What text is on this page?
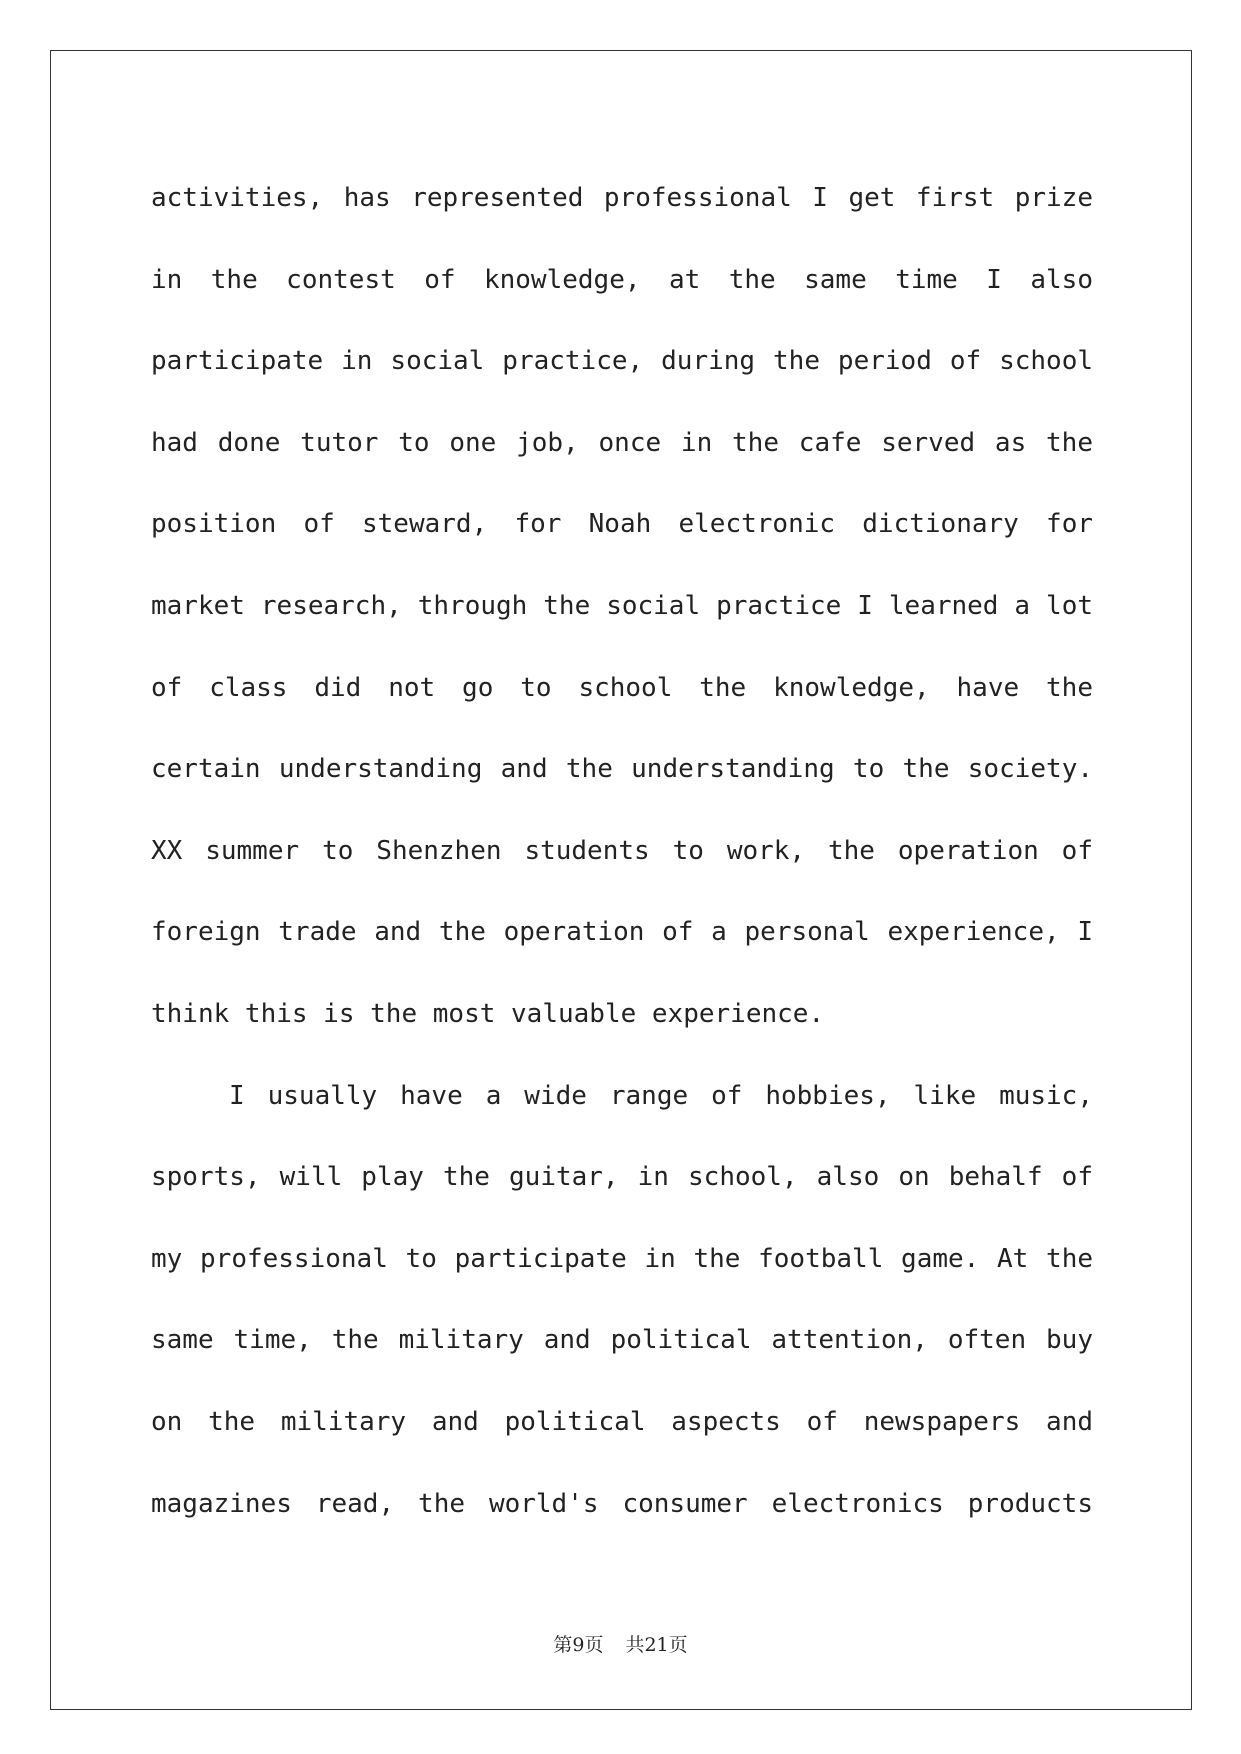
activities, has represented professional I get first prize
in the contest of knowledge, at the same time I also
participate in social practice, during the period of school
had done tutor to one job, once in the cafe served as the
position of steward, for Noah electronic dictionary for
market research, through the social practice I learned a lot
of class did not go to school the knowledge, have the
certain understanding and the understanding to the society.
XX summer to Shenzhen students to work, the operation of
foreign trade and the operation of a personal experience, I
think this is the most valuable experience.
I usually have a wide range of hobbies, like music,
sports, will play the guitar, in school, also on behalf of
my professional to participate in the football game. At the
same time, the military and political attention, often buy
on the military and political aspects of newspapers and
magazines read, the world's consumer electronics products
第9页 共21页
